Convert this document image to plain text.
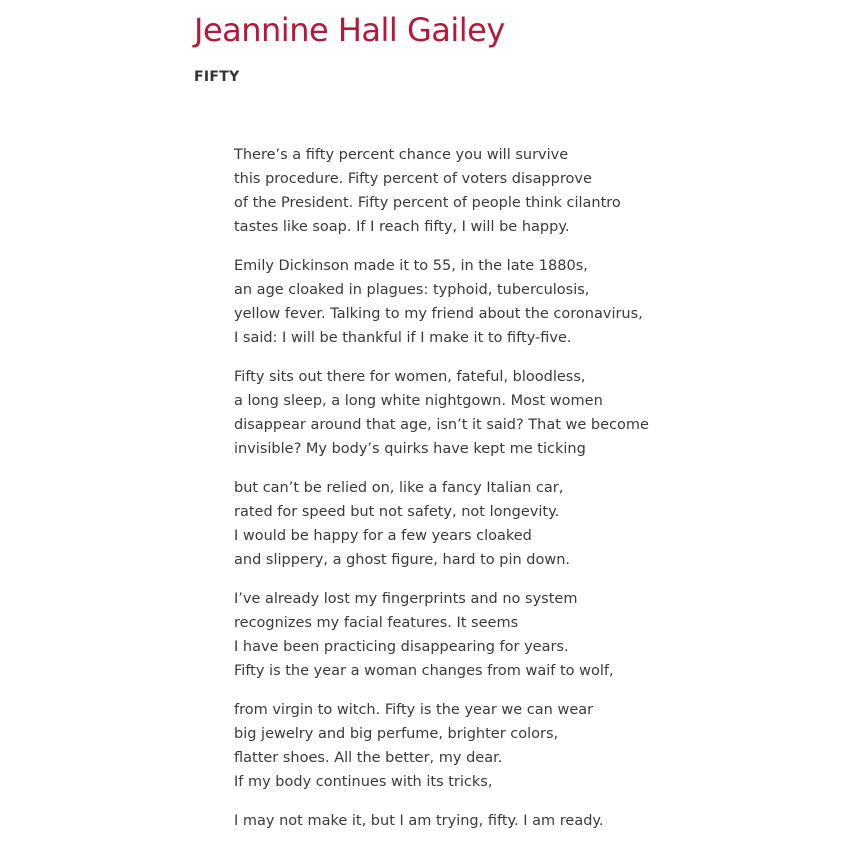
Jeannine Hall Gailey
FIFTY
There’s a fifty percent chance you will survive
this procedure. Fifty percent of voters disapprove
of the President. Fifty percent of people think cilantro
tastes like soap. If I reach fifty, I will be happy.
Emily Dickinson made it to 55, in the late 1880s,
an age cloaked in plagues: typhoid, tuberculosis,
yellow fever. Talking to my friend about the coronavirus,
I said: I will be thankful if I make it to fifty-five.
Fifty sits out there for women, fateful, bloodless,
a long sleep, a long white nightgown. Most women
disappear around that age, isn’t it said? That we become
invisible? My body’s quirks have kept me ticking
but can’t be relied on, like a fancy Italian car,
rated for speed but not safety, not longevity.
I would be happy for a few years cloaked
and slippery, a ghost figure, hard to pin down.
I’ve already lost my fingerprints and no system
recognizes my facial features. It seems
I have been practicing disappearing for years.
Fifty is the year a woman changes from waif to wolf,
from virgin to witch. Fifty is the year we can wear
big jewelry and big perfume, brighter colors,
flatter shoes. All the better, my dear.
If my body continues with its tricks,
I may not make it, but I am trying, fifty. I am ready.
